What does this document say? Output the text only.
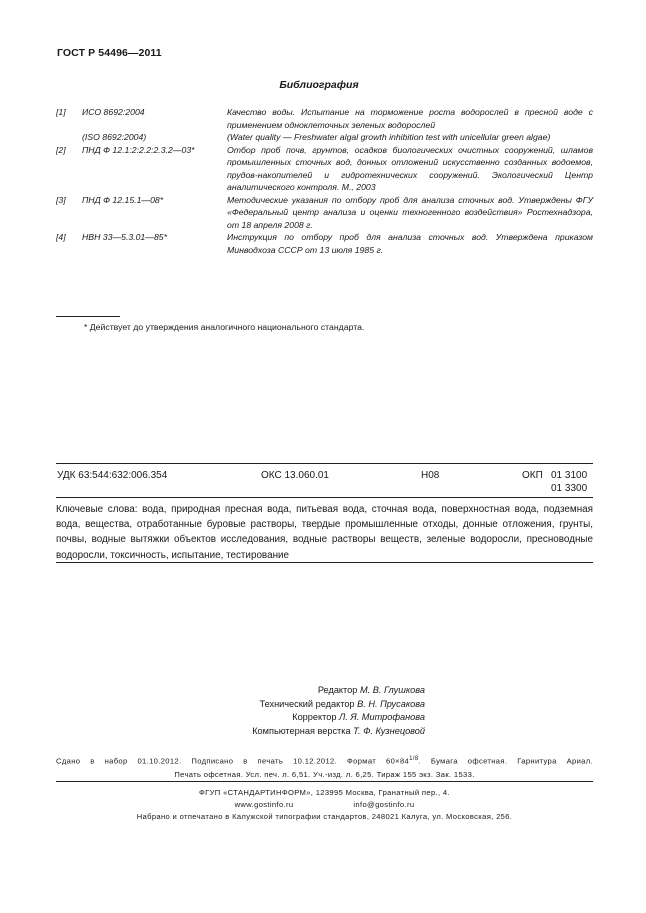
ГОСТ Р 54496—2011
Библиография
[1]	ИСО 8692:2004	Качество воды. Испытание на торможение роста водорослей в пресной воде с применением одноклеточных зеленых водорослей
(ISO 8692:2004)	(Water quality — Freshwater algal growth inhibition test with unicellular green algae)
[2]	ПНД Ф 12.1:2:2.2:2.3.2—03*	Отбор проб почв, грунтов, осадков биологических очистных сооружений, шламов промышленных сточных вод, донных отложений искусственно созданных водоемов, прудов-накопителей и гидротехнических сооружений. Экологический Центр аналитического контроля. М., 2003
[3]	ПНД Ф 12.15.1—08*	Методические указания по отбору проб для анализа сточных вод. Утверждены ФГУ «Федеральный центр анализа и оценки техногенного воздействия» Ростехнадзора, от 18 апреля 2008 г.
[4]	НВН 33—5.3.01—85*	Инструкция по отбору проб для анализа сточных вод. Утверждена приказом Минводхоза СССР от 13 июля 1985 г.
* Действует до утверждения аналогичного национального стандарта.
УДК 63:544:632:006.354	ОКС 13.060.01	Н08	ОКП 01 3100
01 3300
Ключевые слова: вода, природная пресная вода, питьевая вода, сточная вода, поверхностная вода, подземная вода, вещества, отработанные буровые растворы, твердые промышленные отходы, донные отложения, грунты, почвы, водные вытяжки объектов исследования, водные растворы веществ, зеленые водоросли, пресноводные водоросли, токсичность, испытание, тестирование
Редактор М. В. Глушкова
Технический редактор В. Н. Прусакова
Корректор Л. Я. Митрофанова
Компьютерная верстка Т. Ф. Кузнецовой
Сдано в набор 01.10.2012. Подписано в печать 10.12.2012. Формат $60\times 84^{1/8}$. Бумага офсетная. Гарнитура Ариал.
Печать офсетная. Усл. печ. л. 6,51. Уч.-изд. л. 6,25. Тираж 155 экз. Зак. 1533.
ФГУП «СТАНДАРТИНФОРМ», 123995 Москва, Гранатный пер., 4.
www.gostinfo.ru	info@gostinfo.ru
Набрано и отпечатано в Калужской типографии стандартов, 248021 Калуга, ул. Московская, 256.
